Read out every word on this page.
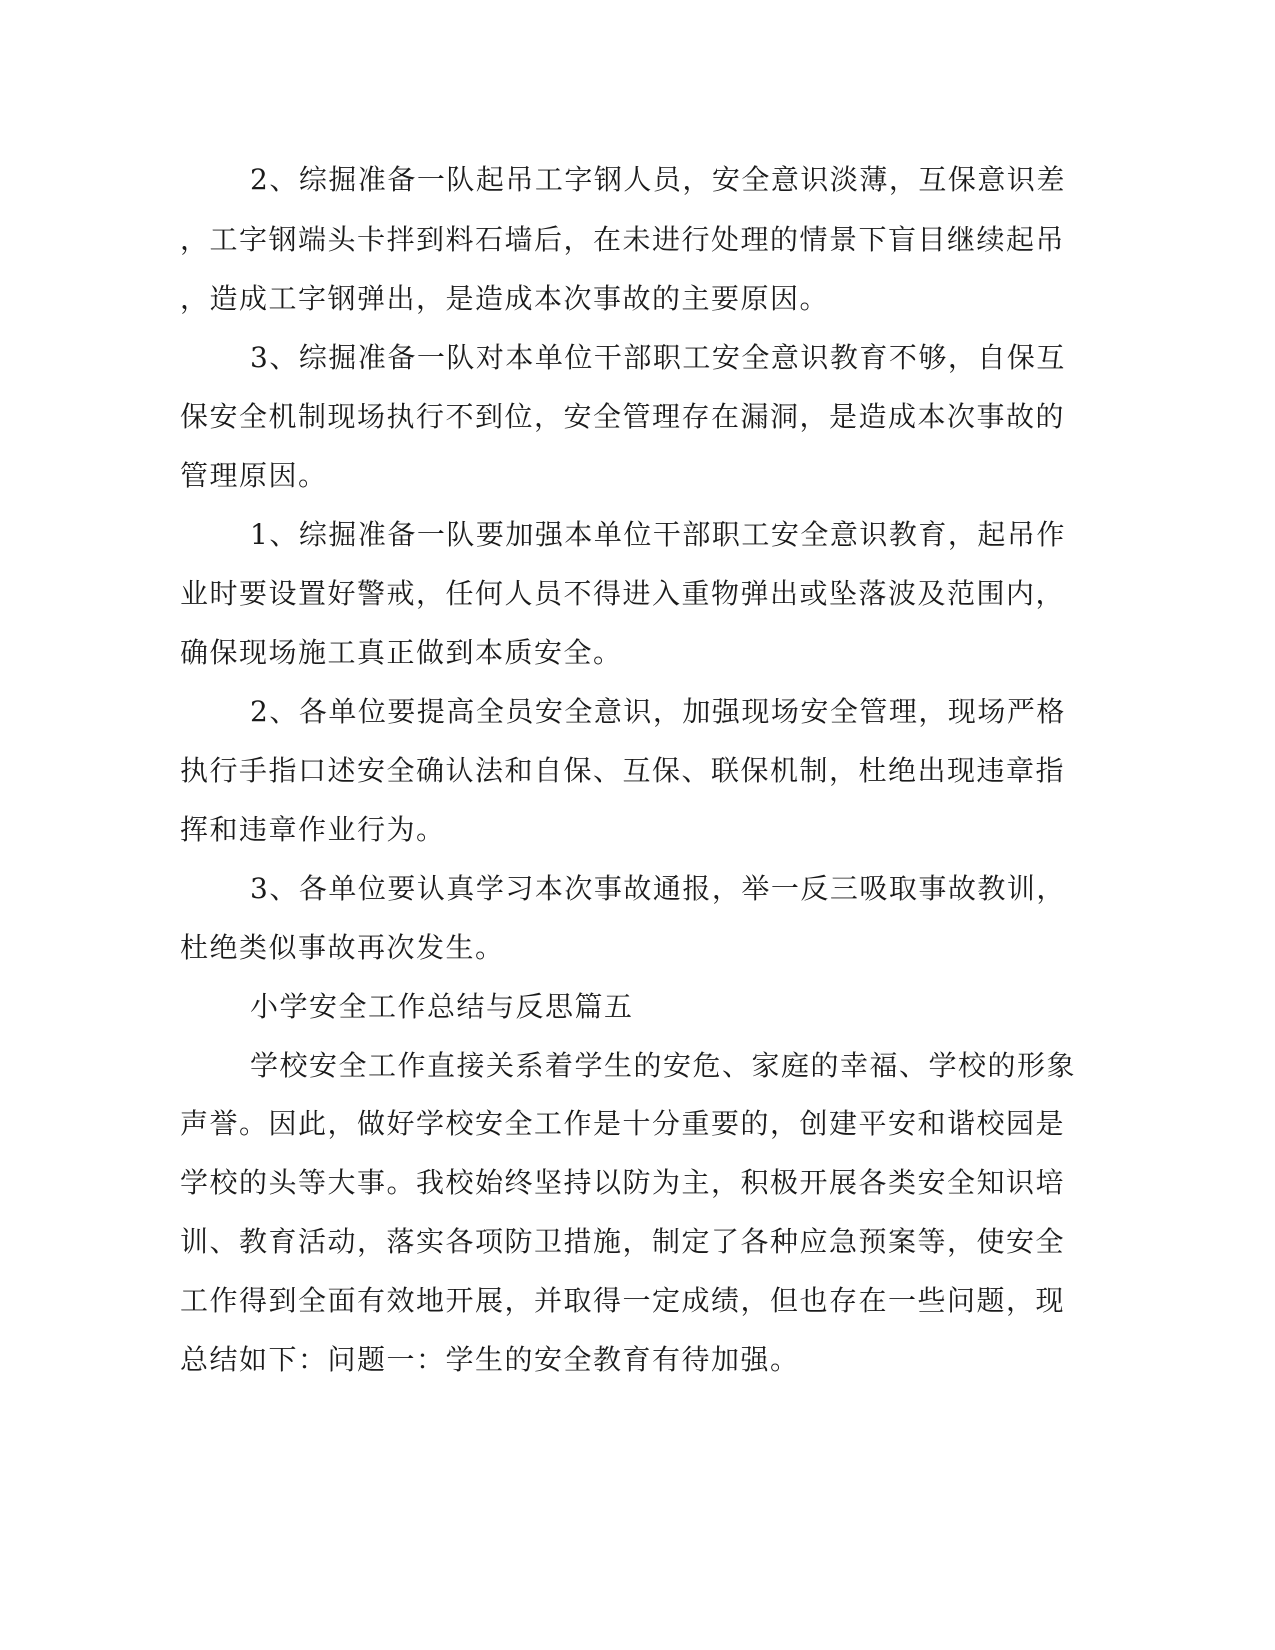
2、综掘准备一队起吊工字钢人员，安全意识淡薄，互保意识差

，工字钢端头卡拌到料石墙后，在未进行处理的情景下盲目继续起吊

，造成工字钢弹出，是造成本次事故的主要原因。

3、综掘准备一队对本单位干部职工安全意识教育不够，自保互

保安全机制现场执行不到位，安全管理存在漏洞，是造成本次事故的

管理原因。

1、综掘准备一队要加强本单位干部职工安全意识教育，起吊作

业时要设置好警戒，任何人员不得进入重物弹出或坠落波及范围内，

确保现场施工真正做到本质安全。

2、各单位要提高全员安全意识，加强现场安全管理，现场严格

执行手指口述安全确认法和自保、互保、联保机制，杜绝出现违章指

挥和违章作业行为。

3、各单位要认真学习本次事故通报，举一反三吸取事故教训，

杜绝类似事故再次发生。

小学安全工作总结与反思篇五

学校安全工作直接关系着学生的安危、家庭的幸福、学校的形象

声誉。因此，做好学校安全工作是十分重要的，创建平安和谐校园是

学校的头等大事。我校始终坚持以防为主，积极开展各类安全知识培

训、教育活动，落实各项防卫措施，制定了各种应急预案等，使安全

工作得到全面有效地开展，并取得一定成绩，但也存在一些问题，现

总结如下：问题一：学生的安全教育有待加强。
